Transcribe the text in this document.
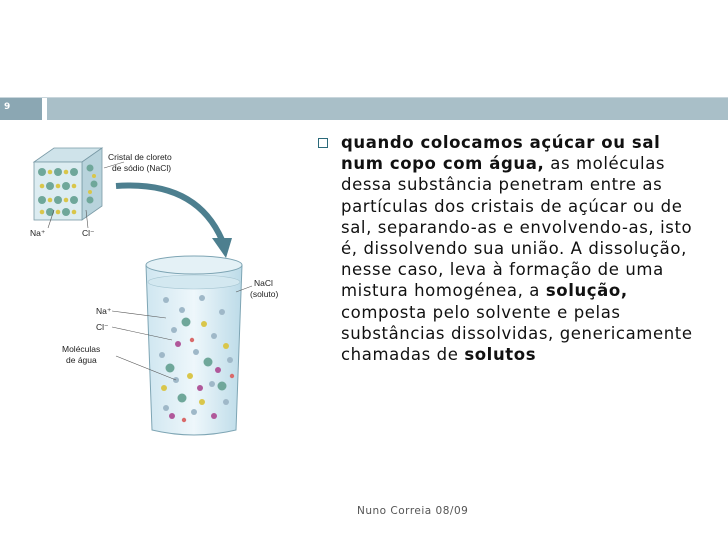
9
Cristal de cloreto
de sódio (NaCl)
Na⁺	Cl⁻
NaCl
(soluto)
Na⁺
Cl⁻
Moléculas
de água
quando colocamos açúcar ou sal num copo com água, as moléculas dessa substância penetram entre as partículas dos cristais de açúcar ou de sal, separando-as e envolvendo-as, isto é, dissolvendo sua união. A dissolução, nesse caso, leva à formação de uma mistura homogénea, a solução, composta pelo solvente e pelas substâncias dissolvidas, genericamente chamadas de solutos
Nuno Correia 08/09
